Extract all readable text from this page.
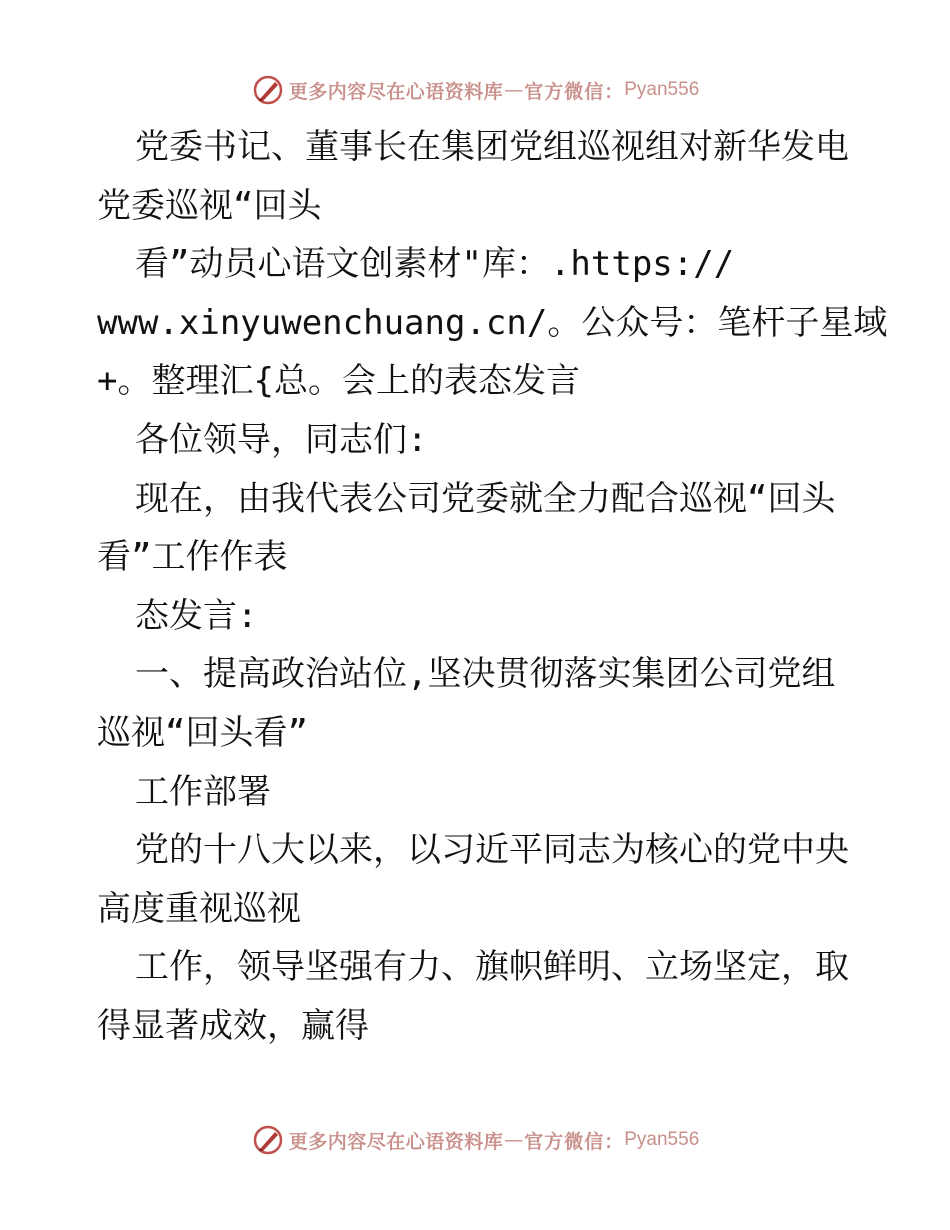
更多内容尽在心语资料库 — 官方微信： Pyan556

党委书记、董事长在集团党组巡视组对新华发电

党委巡视“回头

看”动员心语文创素材"库：.https://

www.xinyuwenchuang.cn/。公众号：笔杆子星域

+。整理汇{总。会上的表态发言

各位领导，同志们:

现在，由我代表公司党委就全力配合巡视“回头

看”工作作表

态发言:

一、提高政治站位,坚决贯彻落实集团公司党组

巡视“回头看”

工作部署

党的十八大以来，以习近平同志为核心的党中央

高度重视巡视

工作，领导坚强有力、旗帜鲜明、立场坚定，取

得显著成效，赢得

更多内容尽在心语资料库 — 官方微信： Pyan556
